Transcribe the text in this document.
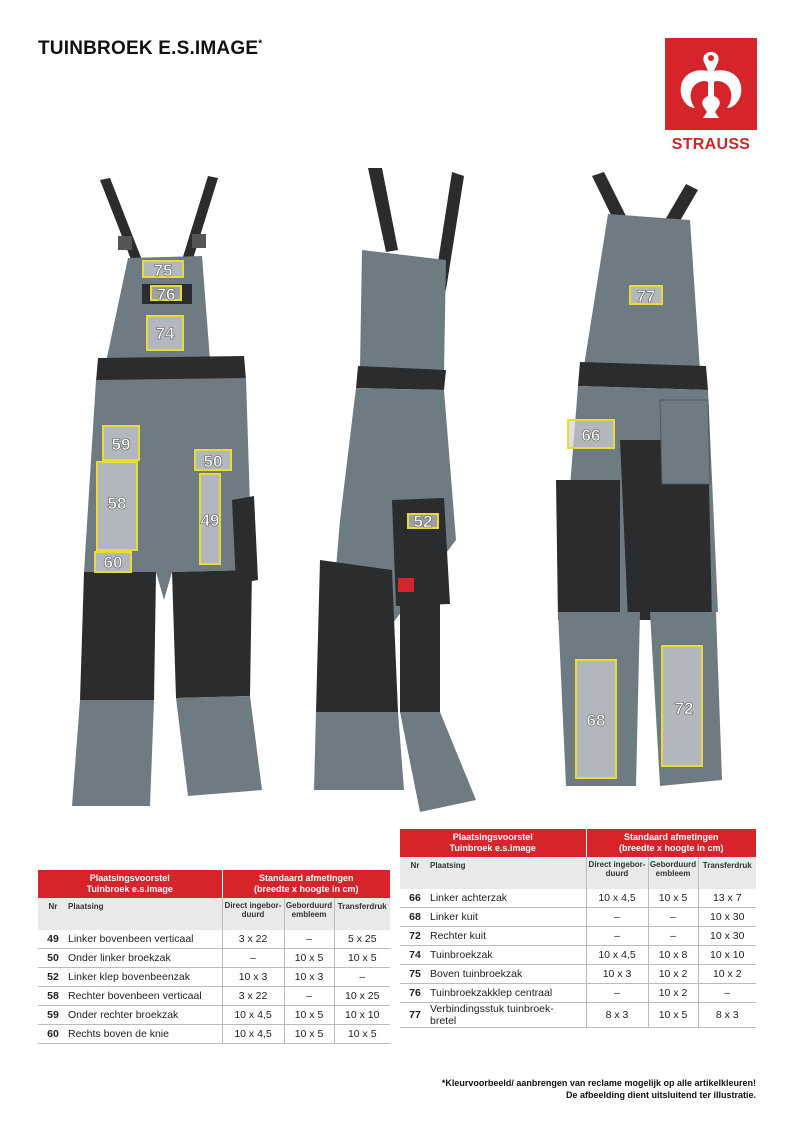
TUINBROEK E.S.IMAGE*
STRAUSS
75
76
74
59
50
58
49
60
52
77
66
68
72
Plaatsingsvoorstel
Tuinbroek e.s.image		Standaard afmetingen
(breedte x hoogte in cm)		
Nr	Plaatsing	Direct ingebor-
duurd	Geborduurd
embleem	Transferdruk
49	Linker bovenbeen verticaal	3 x 22	–	5 x 25
50	Onder linker broekzak	–	10 x 5	10 x 5
52	Linker klep bovenbeenzak	10 x 3	10 x 3	–
58	Rechter bovenbeen verticaal	3 x 22	–	10 x 25
59	Onder rechter broekzak	10 x 4,5	10 x 5	10 x 10
60	Rechts boven de knie	10 x 4,5	10 x 5	10 x 5
Plaatsingsvoorstel
Tuinbroek e.s.image		Standaard afmetingen
(breedte x hoogte in cm)		
Nr	Plaatsing	Direct ingebor-
duurd	Geborduurd
embleem	Transferdruk
66	Linker achterzak	10 x 4,5	10 x 5	13 x 7
68	Linker kuit	–	–	10 x 30
72	Rechter kuit	–	–	10 x 30
74	Tuinbroekzak	10 x 4,5	10 x 8	10 x 10
75	Boven tuinbroekzak	10 x 3	10 x 2	10 x 2
76	Tuinbroekzakklep centraal	–	10 x 2	–
77	Verbindingsstuk tuinbroek-
bretel	8 x 3	10 x 5	8 x 3
*Kleurvoorbeeld/ aanbrengen van reclame mogelijk op alle artikelkleuren!
De afbeelding dient uitsluitend ter illustratie.
